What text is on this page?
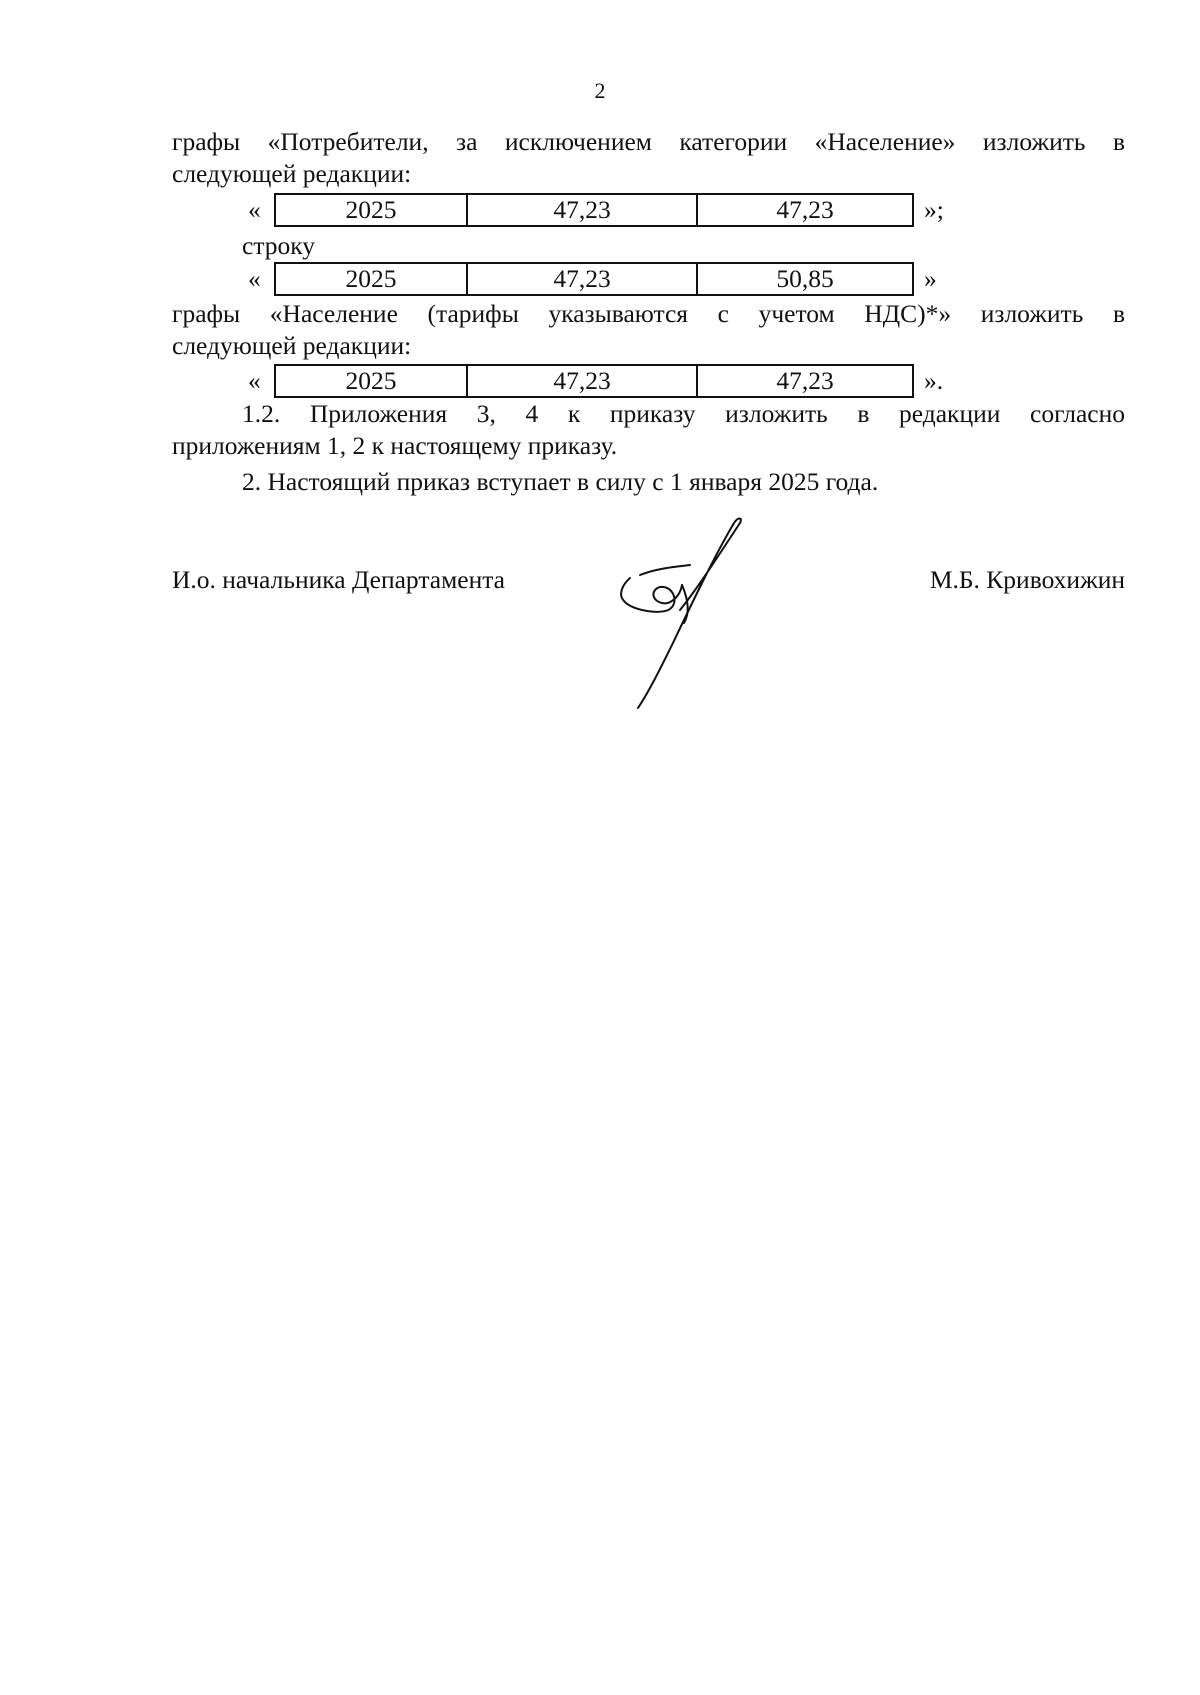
2
графы «Потребители, за исключением категории «Население» изложить в
следующей редакции:
«	2025	47,23	47,23	»;
строку
«	2025	47,23	50,85	»
графы «Население (тарифы указываются с учетом НДС)*» изложить в
следующей редакции:
«	2025	47,23	47,23	».
1.2. Приложения 3, 4 к приказу изложить в редакции согласно
приложениям 1, 2 к настоящему приказу.
2. Настоящий приказ вступает в силу с 1 января 2025 года.
И.о. начальника Департамента	М.Б. Кривохижин
